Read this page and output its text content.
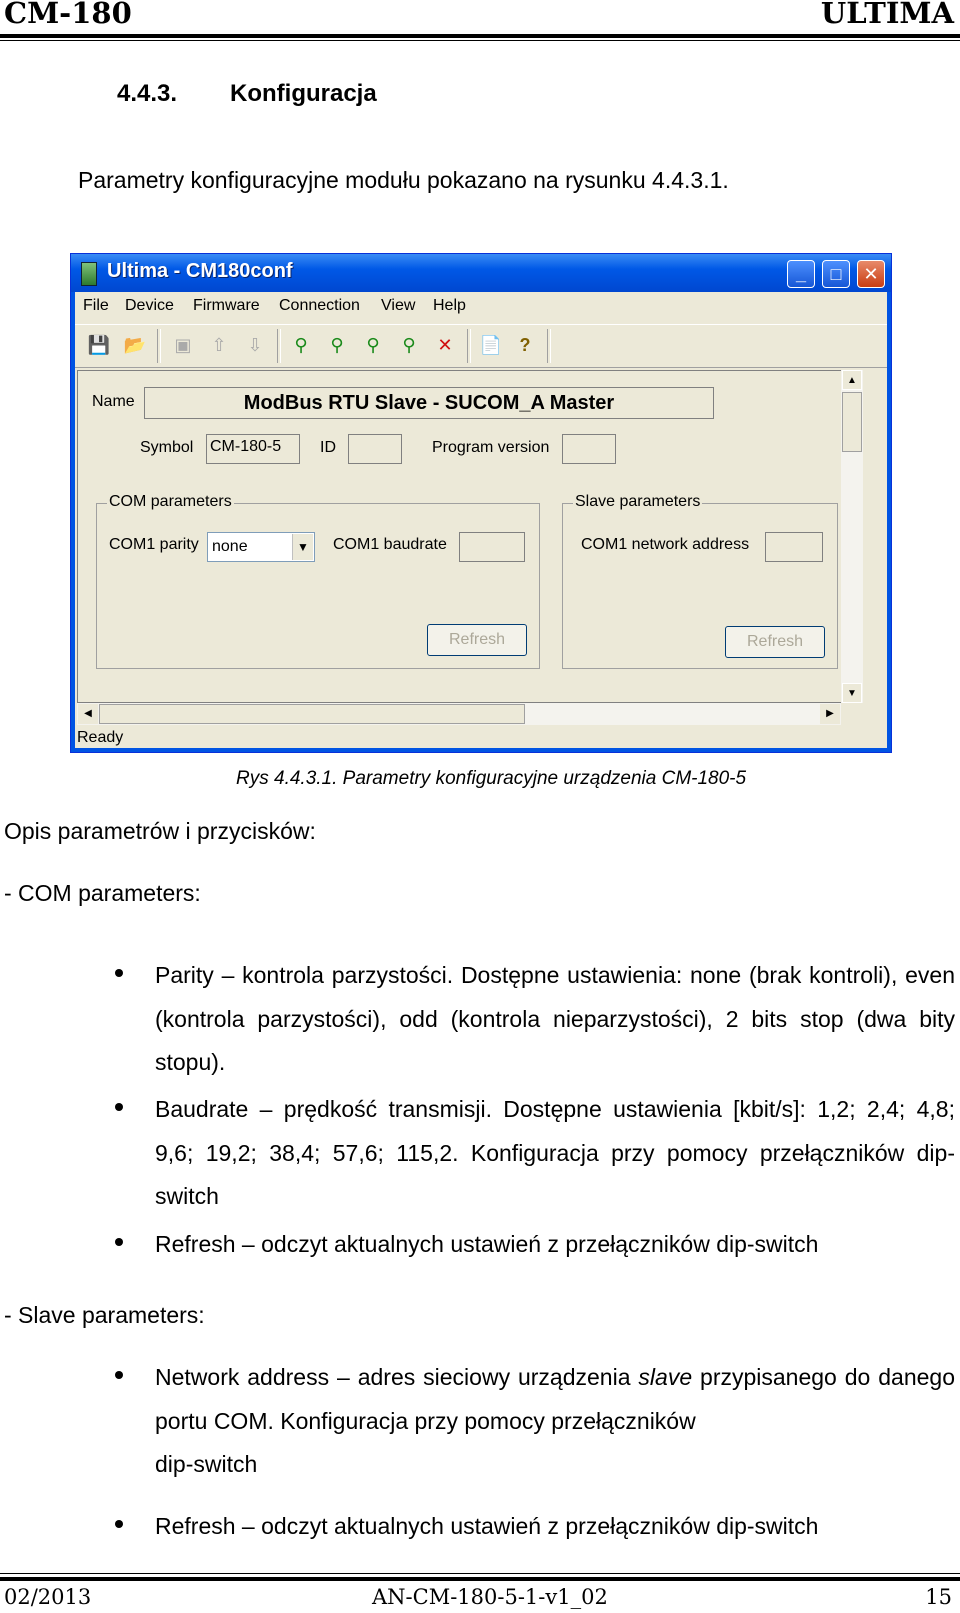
CM-180	ULTIMA
4.4.3. Konfiguracja
Parametry konfiguracyjne modułu pokazano na rysunku 4.4.3.1.
Ultima - CM180conf	_	□	✕
File Device Firmware Connection View Help
💾 📂	▣	⇧	⇩	⚲	⚲	⚲	⚲	✕	📄 ?
Name	ModBus RTU Slave - SUCOM_A Master
Symbol CM-180-5	ID	Program version
COM parameters
COM1 parity none	▼ COM1 baudrate
Refresh
Slave parameters
COM1 network address
Refresh
▲
▼
◀	▶
Ready
Rys 4.4.3.1. Parametry konfiguracyjne urządzenia CM-180-5
Opis parametrów i przycisków:
- COM parameters:
Parity – kontrola parzystości. Dostępne ustawienia: none (brak kontroli), even (kontrola parzystości), odd (kontrola nieparzystości), 2 bits stop (dwa bity stopu).
Baudrate – prędkość transmisji. Dostępne ustawienia [kbit/s]: 1,2; 2,4; 4,8; 9,6; 19,2; 38,4; 57,6; 115,2. Konfiguracja przy pomocy przełączników dip-switch
Refresh – odczyt aktualnych ustawień z przełączników dip-switch
- Slave parameters:
Network address – adres sieciowy urządzenia slave przypisanego do danego portu COM. Konfiguracja przy pomocy przełączników
dip-switch
Refresh – odczyt aktualnych ustawień z przełączników dip-switch
02/2013	AN-CM-180-5-1-v1_02	15
